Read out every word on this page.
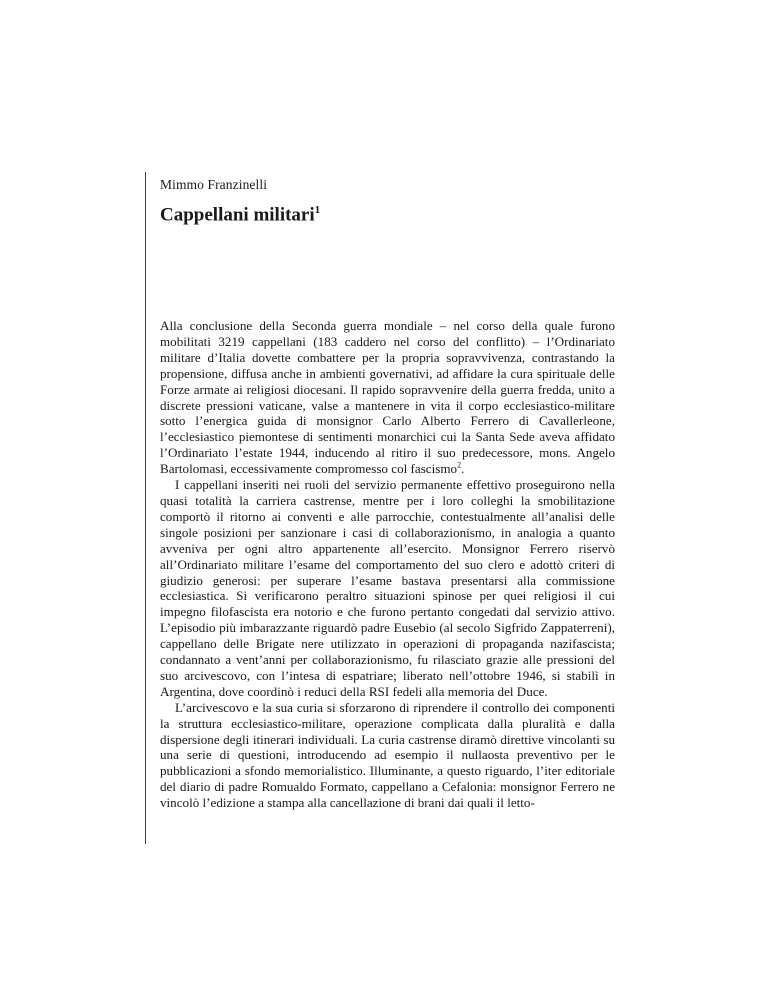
Mimmo Franzinelli
Cappellani militari$^1$

Alla conclusione della Seconda guerra mondiale – nel corso della quale furono mobilitati 3219 cappellani (183 caddero nel corso del conflitto) – l’Ordinariato militare d’Italia dovette combattere per la propria sopravvivenza, contrastando la propensione, diffusa anche in ambienti governativi, ad affidare la cura spirituale delle Forze armate ai religiosi diocesani. Il rapido sopravvenire della guerra fredda, unito a discrete pressioni vaticane, valse a mantenere in vita il corpo ecclesiastico-militare sotto l’energica guida di monsignor Carlo Alberto Ferrero di Cavallerleone, l’ecclesiastico piemontese di sentimenti monarchici cui la Santa Sede aveva affidato l’Ordinariato l’estate 1944, inducendo al ritiro il suo predecessore, mons. Angelo Bartolomasi, eccessivamente compromesso col fascismo$^2$.

I cappellani inseriti nei ruoli del servizio permanente effettivo proseguirono nella quasi totalità la carriera castrense, mentre per i loro colleghi la smobilitazione comportò il ritorno ai conventi e alle parrocchie, contestualmente all’analisi delle singole posizioni per sanzionare i casi di collaborazionismo, in analogia a quanto avveniva per ogni altro appartenente all’esercito. Monsignor Ferrero riservò all’Ordinariato militare l’esame del comportamento del suo clero e adottò criteri di giudizio generosi: per superare l’esame bastava presentarsi alla commissione ecclesiastica. Si verificarono peraltro situazioni spinose per quei religiosi il cui impegno filofascista era notorio e che furono pertanto congedati dal servizio attivo. L’episodio più imbarazzante riguardò padre Eusebio (al secolo Sigfrido Zappaterreni), cappellano delle Brigate nere utilizzato in operazioni di propaganda nazifascista; condannato a vent’anni per collaborazionismo, fu rilasciato grazie alle pressioni del suo arcivescovo, con l’intesa di espatriare; liberato nell’ottobre 1946, si stabilì in Argentina, dove coordinò i reduci della RSI fedeli alla memoria del Duce.

L’arcivescovo e la sua curia si sforzarono di riprendere il controllo dei componenti la struttura ecclesiastico-militare, operazione complicata dalla pluralità e dalla dispersione degli itinerari individuali. La curia castrense diramò direttive vincolanti su una serie di questioni, introducendo ad esempio il nullaosta preventivo per le pubblicazioni a sfondo memorialistico. Illuminante, a questo riguardo, l’iter editoriale del diario di padre Romualdo Formato, cappellano a Cefalonia: monsignor Ferrero ne vincolò l’edizione a stampa alla cancellazione di brani dai quali il letto-
